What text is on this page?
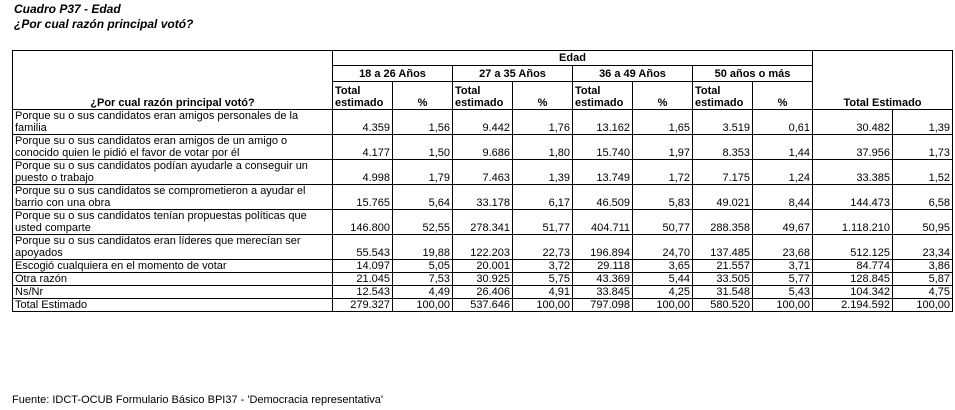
Cuadro P37 - Edad
¿Por cual razón principal votó?
¿Por cual razón principal votó?	Edad								Total Estimado	
	18 a 26 Años		27 a 35 Años		36 a 49 Años		50 años o más			
	Total estimado	%	Total estimado	%	Total estimado	%	Total estimado	%		
Porque su o sus candidatos eran amigos personales de la familia	4.359	1,56	9.442	1,76	13.162	1,65	3.519	0,61	30.482	1,39
Porque su o sus candidatos eran amigos de un amigo o conocido quien le pidió el favor de votar por él	4.177	1,50	9.686	1,80	15.740	1,97	8.353	1,44	37.956	1,73
Porque su o sus candidatos podían ayudarle a conseguir un puesto o trabajo	4.998	1,79	7.463	1,39	13.749	1,72	7.175	1,24	33.385	1,52
Porque su o sus candidatos se comprometieron a ayudar el barrio con una obra	15.765	5,64	33.178	6,17	46.509	5,83	49.021	8,44	144.473	6,58
Porque su o sus candidatos tenían propuestas políticas que usted comparte	146.800	52,55	278.341	51,77	404.711	50,77	288.358	49,67	1.118.210	50,95
Porque su o sus candidatos eran líderes que merecían ser apoyados	55.543	19,88	122.203	22,73	196.894	24,70	137.485	23,68	512.125	23,34
Escogió cualquiera en el momento de votar	14.097	5,05	20.001	3,72	29.118	3,65	21.557	3,71	84.774	3,86
Otra razón	21.045	7,53	30.925	5,75	43.369	5,44	33.505	5,77	128.845	5,87
Ns/Nr	12.543	4,49	26.406	4,91	33.845	4,25	31.548	5,43	104.342	4,75
Total Estimado	279.327	100,00	537.646	100,00	797.098	100,00	580.520	100,00	2.194.592	100,00
Fuente: IDCT-OCUB Formulario Básico BPI37 - 'Democracia representativa'
